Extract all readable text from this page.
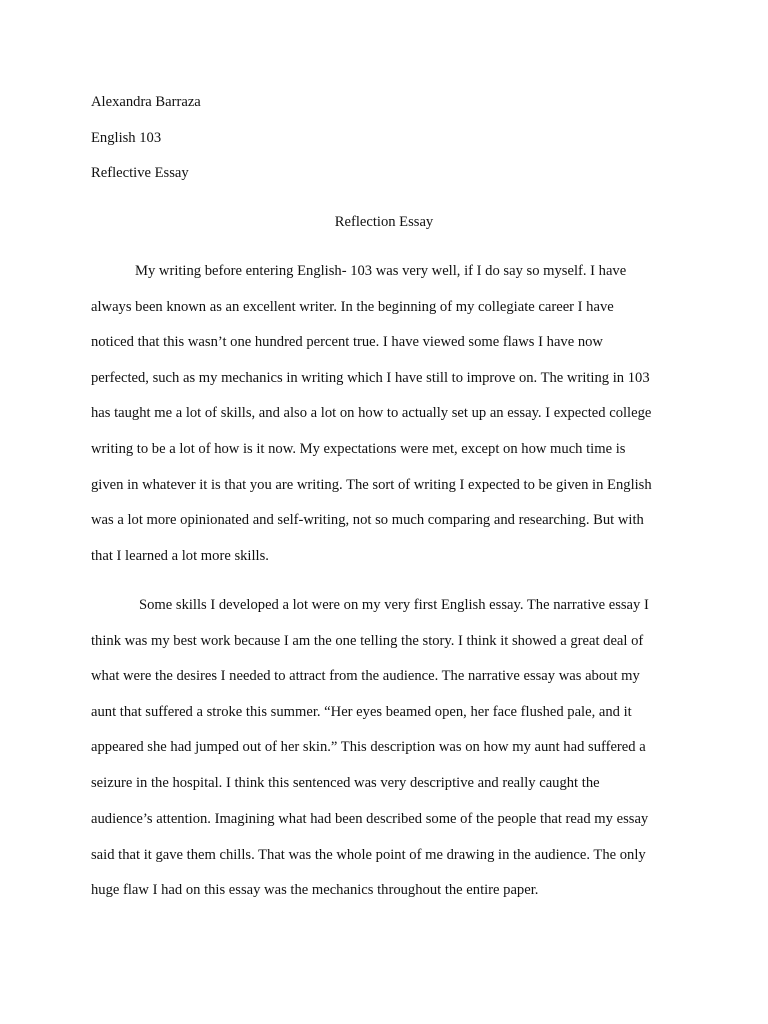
Alexandra Barraza
English 103
Reflective Essay
Reflection Essay
My writing before entering English- 103 was very well, if I do say so myself. I have
always been known as an excellent writer. In the beginning of my collegiate career I have
noticed that this wasn’t one hundred percent true. I have viewed some flaws I have now
perfected, such as my mechanics in writing which I have still to improve on. The writing in 103
has taught me a lot of skills, and also a lot on how to actually set up an essay. I expected college
writing to be a lot of how is it now. My expectations were met, except on how much time is
given in whatever it is that you are writing. The sort of writing I expected to be given in English
was a lot more opinionated and self-writing, not so much comparing and researching. But with
that I learned a lot more skills.
Some skills I developed a lot were on my very first English essay. The narrative essay I
think was my best work because I am the one telling the story. I think it showed a great deal of
what were the desires I needed to attract from the audience. The narrative essay was about my
aunt that suffered a stroke this summer. “Her eyes beamed open, her face flushed pale, and it
appeared she had jumped out of her skin.” This description was on how my aunt had suffered a
seizure in the hospital. I think this sentenced was very descriptive and really caught the
audience’s attention. Imagining what had been described some of the people that read my essay
said that it gave them chills. That was the whole point of me drawing in the audience. The only
huge flaw I had on this essay was the mechanics throughout the entire paper.
